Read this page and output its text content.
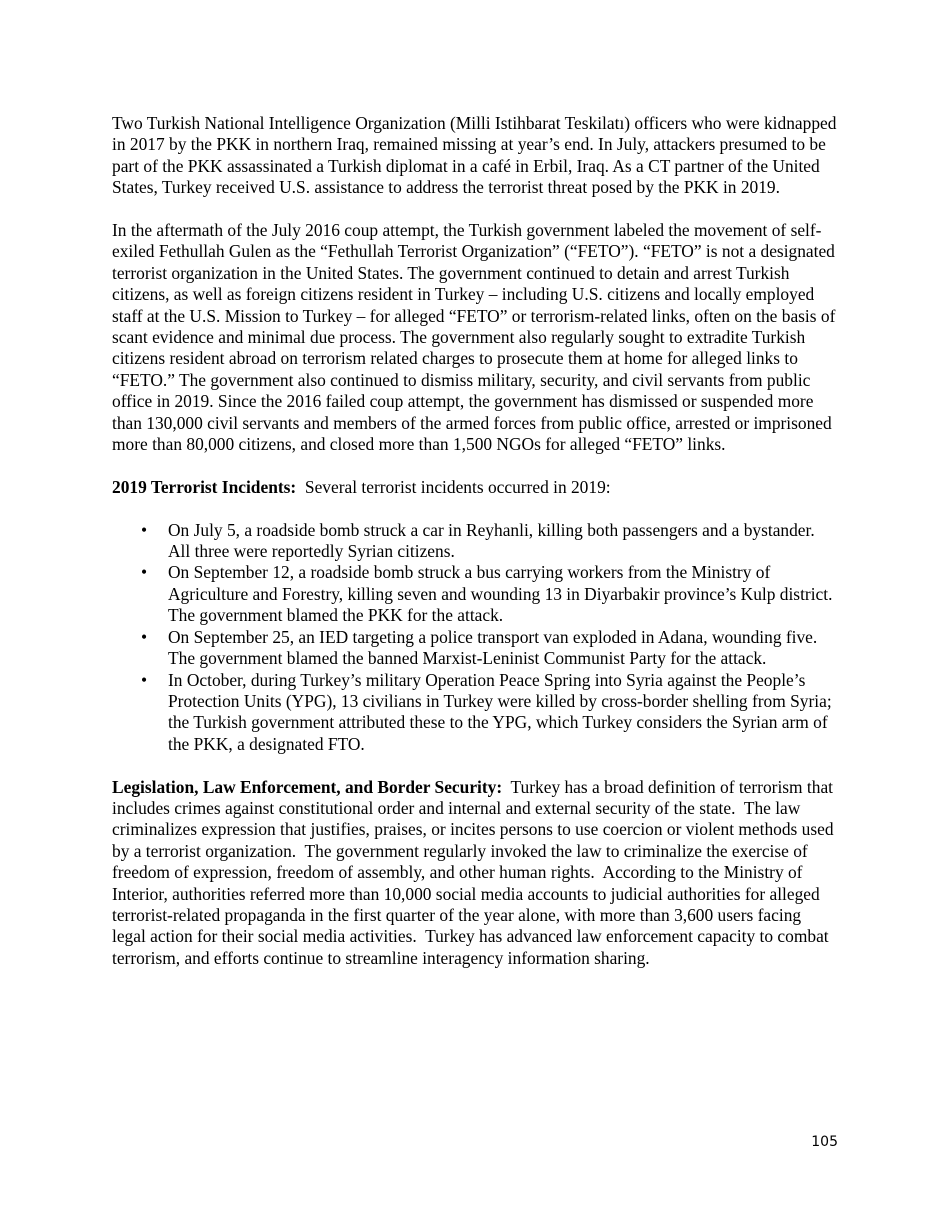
Two Turkish National Intelligence Organization (Milli Istihbarat Teskilatı) officers who were kidnapped in 2017 by the PKK in northern Iraq, remained missing at year’s end. In July, attackers presumed to be part of the PKK assassinated a Turkish diplomat in a café in Erbil, Iraq. As a CT partner of the United States, Turkey received U.S. assistance to address the terrorist threat posed by the PKK in 2019.

In the aftermath of the July 2016 coup attempt, the Turkish government labeled the movement of self-exiled Fethullah Gulen as the “Fethullah Terrorist Organization” (“FETO”). “FETO” is not a designated terrorist organization in the United States. The government continued to detain and arrest Turkish citizens, as well as foreign citizens resident in Turkey – including U.S. citizens and locally employed staff at the U.S. Mission to Turkey – for alleged “FETO” or terrorism-related links, often on the basis of scant evidence and minimal due process. The government also regularly sought to extradite Turkish citizens resident abroad on terrorism related charges to prosecute them at home for alleged links to “FETO.” The government also continued to dismiss military, security, and civil servants from public office in 2019. Since the 2016 failed coup attempt, the government has dismissed or suspended more than 130,000 civil servants and members of the armed forces from public office, arrested or imprisoned more than 80,000 citizens, and closed more than 1,500 NGOs for alleged “FETO” links.

2019 Terrorist Incidents:  Several terrorist incidents occurred in 2019:

• On July 5, a roadside bomb struck a car in Reyhanli, killing both passengers and a bystander. All three were reportedly Syrian citizens.
• On September 12, a roadside bomb struck a bus carrying workers from the Ministry of Agriculture and Forestry, killing seven and wounding 13 in Diyarbakir province’s Kulp district. The government blamed the PKK for the attack.
• On September 25, an IED targeting a police transport van exploded in Adana, wounding five. The government blamed the banned Marxist-Leninist Communist Party for the attack.
• In October, during Turkey’s military Operation Peace Spring into Syria against the People’s Protection Units (YPG), 13 civilians in Turkey were killed by cross-border shelling from Syria; the Turkish government attributed these to the YPG, which Turkey considers the Syrian arm of the PKK, a designated FTO.

Legislation, Law Enforcement, and Border Security:  Turkey has a broad definition of terrorism that includes crimes against constitutional order and internal and external security of the state.  The law criminalizes expression that justifies, praises, or incites persons to use coercion or violent methods used by a terrorist organization.  The government regularly invoked the law to criminalize the exercise of freedom of expression, freedom of assembly, and other human rights.  According to the Ministry of Interior, authorities referred more than 10,000 social media accounts to judicial authorities for alleged terrorist-related propaganda in the first quarter of the year alone, with more than 3,600 users facing legal action for their social media activities.  Turkey has advanced law enforcement capacity to combat terrorism, and efforts continue to streamline interagency information sharing.

105
